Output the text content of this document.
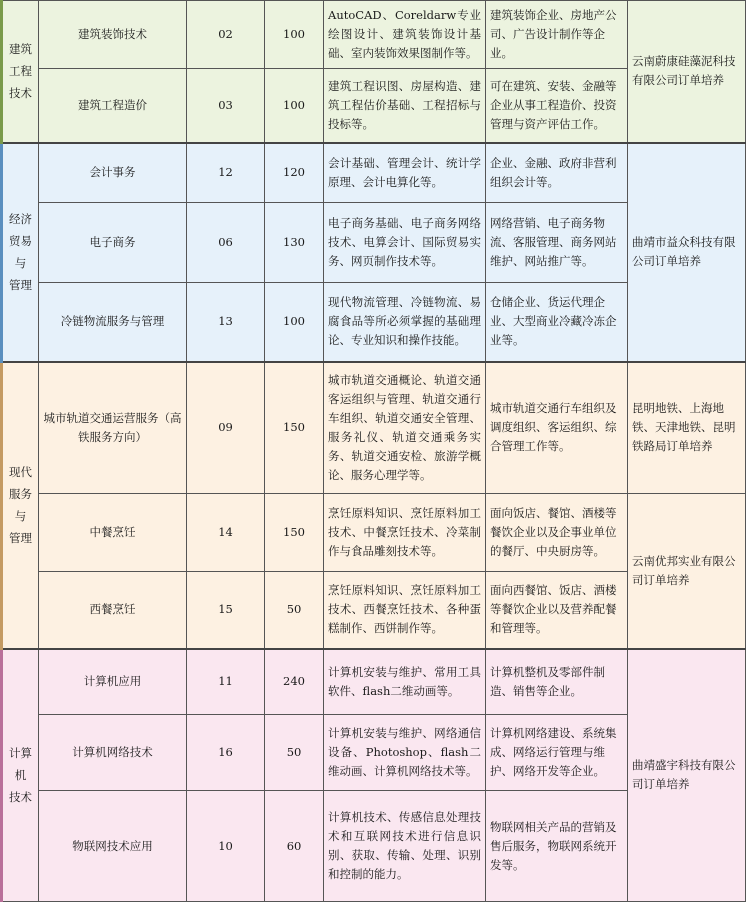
建筑
工程
技术	建筑装饰技术	02	100	AutoCAD、Coreldarw专业绘图设计、建筑装饰设计基础、室内装饰效果图制作等。	建筑装饰企业、房地产公司、广告设计制作等企业。	云南蔚康硅藻泥科技有限公司订单培养
	建筑工程造价	03	100	建筑工程识图、房屋构造、建筑工程估价基础、工程招标与投标等。	可在建筑、安装、金融等企业从事工程造价、投资管理与资产评估工作。	

经济
贸易
与
管理	会计事务	12	120	会计基础、管理会计、统计学原理、会计电算化等。	企业、金融、政府非营利组织会计等。	曲靖市益众科技有限公司订单培养
	电子商务	06	130	电子商务基础、电子商务网络技术、电算会计、国际贸易实务、网页制作技术等。	网络营销、电子商务物流、客服管理、商务网站维护、网站推广等。	
	冷链物流服务与管理	13	100	现代物流管理、冷链物流、易腐食品等所必须掌握的基础理论、专业知识和操作技能。	仓储企业、货运代理企业、大型商业冷藏冷冻企业等。	

现代
服务
与
管理	城市轨道交通运营服务（高铁服务方向）	09	150	城市轨道交通概论、轨道交通客运组织与管理、轨道交通行车组织、轨道交通安全管理、服务礼仪、轨道交通乘务实务、轨道交通安检、旅游学概论、服务心理学等。	城市轨道交通行车组织及调度组织、客运组织、综合管理工作等。	昆明地铁、上海地铁、天津地铁、昆明铁路局订单培养
	中餐烹饪	14	150	烹饪原料知识、烹饪原料加工技术、中餐烹饪技术、冷菜制作与食品雕刻技术等。	面向饭店、餐馆、酒楼等餐饮企业以及企事业单位的餐厅、中央厨房等。	云南优邦实业有限公司订单培养
	西餐烹饪	15	50	烹饪原料知识、烹饪原料加工技术、西餐烹饪技术、各种蛋糕制作、西饼制作等。	面向西餐馆、饭店、酒楼等餐饮企业以及营养配餐和管理等。	

计算机
技术	计算机应用	11	240	计算机安装与维护、常用工具软件、flash二维动画等。	计算机整机及零部件制造、销售等企业。	曲靖盛宇科技有限公司订单培养
	计算机网络技术	16	50	计算机安装与维护、网络通信设备、Photoshop、flash二维动画、计算机网络技术等。	计算机网络建设、系统集成、网络运行管理与维护、网络开发等企业。	
	物联网技术应用	10	60	计算机技术、传感信息处理技术和互联网技术进行信息识别、获取、传输、处理、识别和控制的能力。	物联网相关产品的营销及售后服务，物联网系统开发等。	
